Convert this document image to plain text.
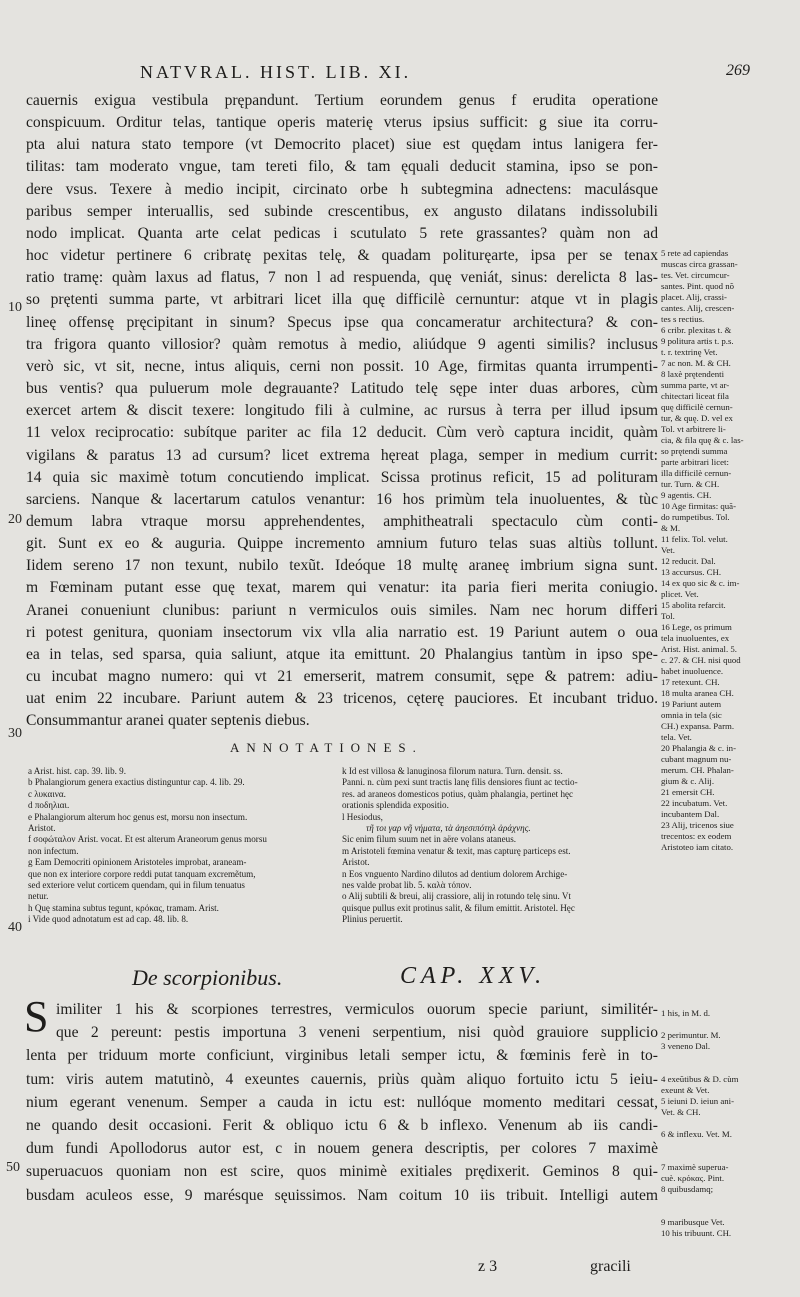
NATVRAL. HIST. LIB. XI.	269

cauernis exigua vestibula prępandunt. Tertium eorundem genus f erudita operatione

conspicuum. Orditur telas, tantique operis materię vterus ipsius sufficit: g siue ita corru-

pta alui natura stato tempore (vt Democrito placet) siue est quędam intus lanigera fer-

tilitas: tam moderato vngue, tam tereti filo, & tam ęquali deducit stamina, ipso se pon-

dere vsus. Texere à medio incipit, circinato orbe h subtegmina adnectens: maculásque

paribus semper interuallis, sed subinde crescentibus, ex angusto dilatans indissolubili

nodo implicat. Quanta arte celat pedicas i scutulato 5 rete grassantes? quàm non ad

hoc videtur pertinere 6 cribratę pexitas telę, & quadam polituręarte, ipsa per se tenax

ratio tramę: quàm laxus ad flatus, 7 non l ad respuenda, quę veniát, sinus: derelicta 8 las-

so prętenti summa parte, vt arbitrari licet illa quę difficilè cernuntur: atque vt in plagis

lineę offensę pręcipitant in sinum? Specus ipse qua concameratur architectura? & con-

tra frigora quanto villosior? quàm remotus à medio, aliúdque 9 agenti similis? inclusus

verò sic, vt sit, necne, intus aliquis, cerni non possit. 10 Age, firmitas quanta irrumpenti-

bus ventis? qua puluerum mole degrauante? Latitudo telę sępe inter duas arbores, cùm

exercet artem & discit texere: longitudo fili à culmine, ac rursus à terra per illud ipsum

11 velox reciprocatio: subítque pariter ac fila 12 deducit. Cùm verò captura incidit, quàm

vigilans & paratus 13 ad cursum? licet extrema hęreat plaga, semper in medium currit:

14 quia sic maximè totum concutiendo implicat. Scissa protinus reficit, 15 ad polituram

sarciens. Nanque & lacertarum catulos venantur: 16 hos primùm tela inuoluentes, & tùc

demum labra vtraque morsu apprehendentes, amphitheatrali spectaculo cùm conti-

git. Sunt ex eo & auguria. Quippe incremento amnium futuro telas suas altiùs tollunt.

Iidem sereno 17 non texunt, nubilo texũt. Ideóque 18 multę araneę imbrium signa sunt.

m Fœminam putant esse quę texat, marem qui venatur: ita paria fieri merita coniugio.

Aranei conueniunt clunibus: pariunt n vermiculos ouis similes. Nam nec horum differi

ri potest genitura, quoniam insectorum vix vlla alia narratio est. 19 Pariunt autem o oua

ea in telas, sed sparsa, quia saliunt, atque ita emittunt. 20 Phalangius tantùm in ipso spe-

cu incubat magno numero: qui vt 21 emerserit, matrem consumit, sępe & patrem: adiu-

uat enim 22 incubare. Pariunt autem & 23 tricenos, cęterę pauciores. Et incubant triduo.

Consummantur aranei quater septenis diebus.

10
20
30
40
50

5 rete ad capiendas

muscas circa grassan-

tes. Vet. circumcur-

santes. Pint. quod nõ

placet. Alij, crassi-

cantes. Alij, crescen-

tes s rectius.

6 cribr. plexitas t. &

9 politura artis t. p.s.

t. r. textrinę Vet.

7 ac non. M. & CH.

8 laxè prętendenti

summa parte, vt ar-

chitectari liceat fila

quę difficilè cernun-

tur, & quę. D. vel ex

Tol. vt arbitrere li-

cia, & fila quę & c. las-

so prętendi summa

parte arbitrari licet:

illa difficilè cernun-

tur. Turn. & CH.

9 agentis. CH.

10 Age firmitas: quã-

do rumpetibus. Tol.

& M.

11 felix. Tol. velut.

Vet.

12 reducit. Dal.

13 accursus. CH.

14 ex quo sic & c. im-

plicet. Vet.

15 abolita refarcit.

Tol.

16 Lege, os primum

tela inuoluentes, ex

Arist. Hist. animal. 5.

c. 27. & CH. nisi quod

habet inuoluence.

17 retexunt. CH.

18 multa aranea CH.

19 Pariunt autem

omnia in tela (sic

CH.) expansa. Parm.

tela. Vet.

20 Phalangia & c. in-

cubant magnum nu-

merum. CH. Phalan-

gium & c. Alij.

21 emersit CH.

22 incubatum. Vet.

incubantem Dal.

23 Alij, tricenos siue

trecentos: ex eodem

Aristoteo iam citato.

ANNOTATIONES.

a Arist. hist. cap. 39. lib. 9.

b Phalangiorum genera exactius distinguntur cap. 4. lib. 29.

c λυκαινα.

d ποδηλιαι.

e Phalangiorum alterum hoc genus est, morsu non insectum.

Aristot.

f σοφώταλον Arist. vocat. Et est alterum Araneorum genus morsu

non infectum.

g Eam Democriti opinionem Aristoteles improbat, araneam-

que non ex interiore corpore reddi putat tanquam excremẽtum,

sed exteriore velut corticem quendam, qui in filum tenuatus

netur.

h Quę stamina subtus tegunt, κρόκας, tramam. Arist.

i Vide quod adnotatum est ad cap. 48. lib. 8.

k Id est villosa & lanuginosa filorum natura. Turn. densit. ss.

Panni. n. cùm pexi sunt tractis lanę filis densiores fiunt ac tectio-

res. ad araneos domesticos potius, quàm phalangia, pertinet hęc

orationis splendida expositio.

l Hesiodus,

τῆ τοι γαρ νῆ νήματα, τὰ ἀηεσιπότηλ ἀράχνης.

Sic enim filum suum net in aëre volans ataneus.

m Aristoteli fœmina venatur & texit, mas capturę particeps est.

Aristot.

n Eos vnguento Nardino dilutos ad dentium dolorem Archige-

nes valde probat lib. 5. καλὰ τόπον.

o Alij subtili & breui, alij crassiore, alij in rotundo telę sinu. Vt

quisque pullus exit protinus salit, & filum emittit. Aristotel. Hęc

Plinius peruertit.

De scorpionibus.	CAP. XXV.

S imiliter 1 his & scorpiones terrestres, vermiculos ouorum specie pariunt, similitér-

que 2 pereunt: pestis importuna 3 veneni serpentium, nisi quòd grauiore supplicio

lenta per triduum morte conficiunt, virginibus letali semper ictu, & fœminis ferè in to-

tum: viris autem matutinò, 4 exeuntes cauernis, priùs quàm aliquo fortuito ictu 5 ieiu-

nium egerant venenum. Semper a cauda in ictu est: nullóque momento meditari cessat,

ne quando desit occasioni. Ferit & obliquo ictu 6 & b inflexo. Venenum ab iis candi-

dum fundi Apollodorus autor est, c in nouem genera descriptis, per colores 7 maximè

superuacuos quoniam non est scire, quos minimè exitiales prędixerit. Geminos 8 qui-

busdam aculeos esse, 9 marésque sęuissimos. Nam coitum 10 iis tribuit. Intelligi autem

1 his, in M. d.

2 perimuntur. M.

3 veneno Dal.

4 exeũtibus & D. cùm

exeunt & Vet.

5 ieiuni D. ieiun ani-

Vet. & CH.

6 & inflexu. Vet. M.

7 maximè superua-

cuè. κρόκας. Pint.

8 quibusdamq;

9 maribusque Vet.

10 his tribuunt. CH.

z 3	gracili
